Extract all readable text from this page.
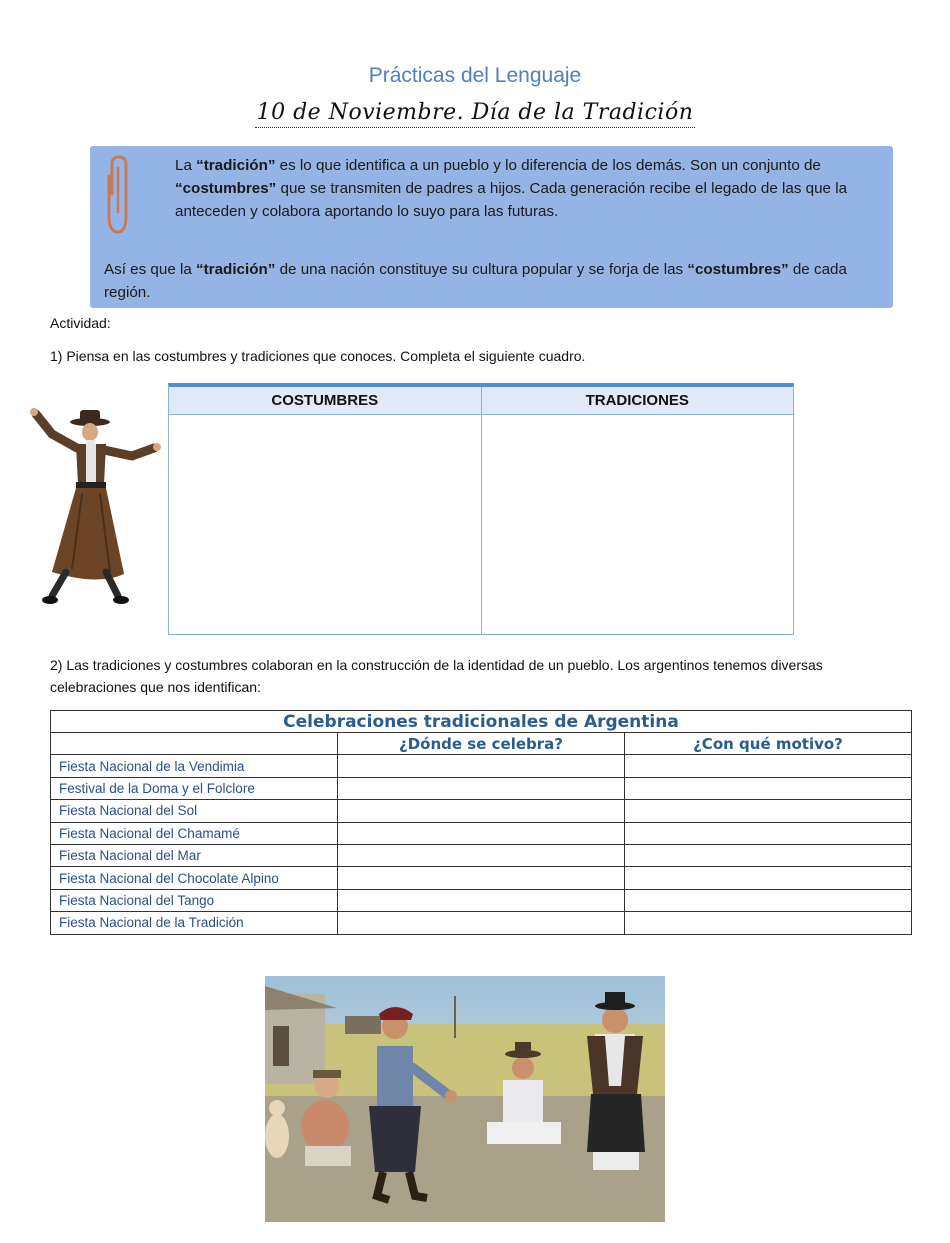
Prácticas del Lenguaje
10 de Noviembre. Día de la Tradición
La “tradición” es lo que identifica a un pueblo y lo diferencia de los demás. Son un conjunto de “costumbres” que se transmiten de padres a hijos. Cada generación recibe el legado de las que la anteceden y colabora aportando lo suyo para las futuras.
Así es que la “tradición” de una nación constituye su cultura popular y se forja de las “costumbres” de cada región.
Actividad:
1) Piensa en las costumbres y tradiciones que conoces. Completa el siguiente cuadro.
COSTUMBRES	TRADICIONES
2) Las tradiciones y costumbres colaboran en la construcción de la identidad de un pueblo. Los argentinos tenemos diversas celebraciones que nos identifican:
Celebraciones tradicionales de Argentina		
	¿Dónde se celebra?	¿Con qué motivo?
Fiesta Nacional de la Vendimia		
Festival de la Doma y el Folclore		
Fiesta Nacional del Sol		
Fiesta Nacional del Chamamé		
Fiesta Nacional del Mar		
Fiesta Nacional del Chocolate Alpino		
Fiesta Nacional del Tango		
Fiesta Nacional de la Tradición		
